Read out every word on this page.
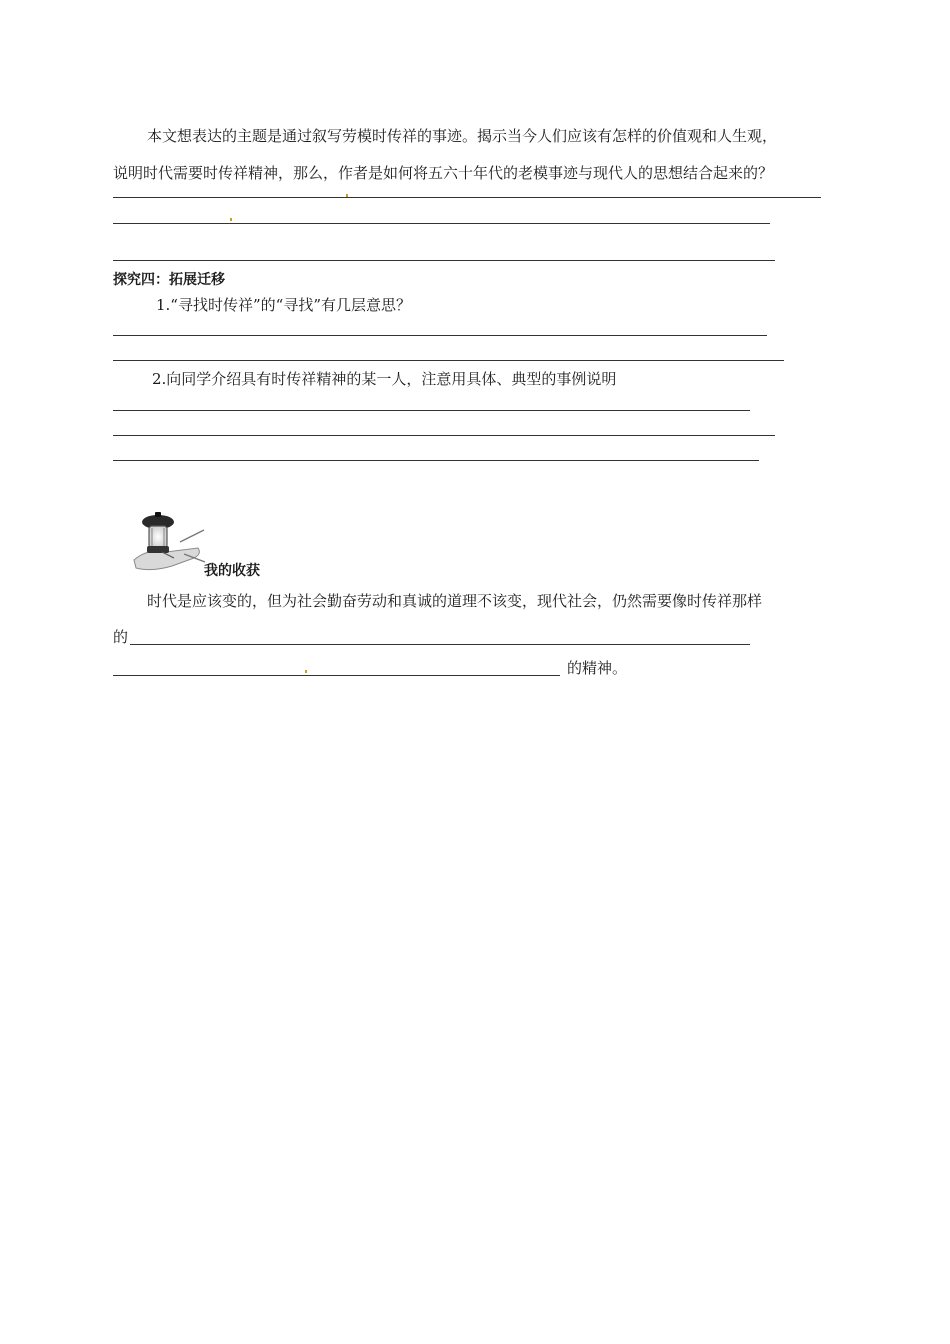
本文想表达的主题是通过叙写劳模时传祥的事迹。揭示当今人们应该有怎样的价值观和人生观，
说明时代需要时传祥精神，那么，作者是如何将五六十年代的老模事迹与现代人的思想结合起来的？
探究四：拓展迁移
1.“寻找时传祥”的“寻找”有几层意思？
2.向同学介绍具有时传祥精神的某一人，注意用具体、典型的事例说明
我的收获
时代是应该变的，但为社会勤奋劳动和真诚的道理不该变，现代社会，仍然需要像时传祥那样
的
的精神。
